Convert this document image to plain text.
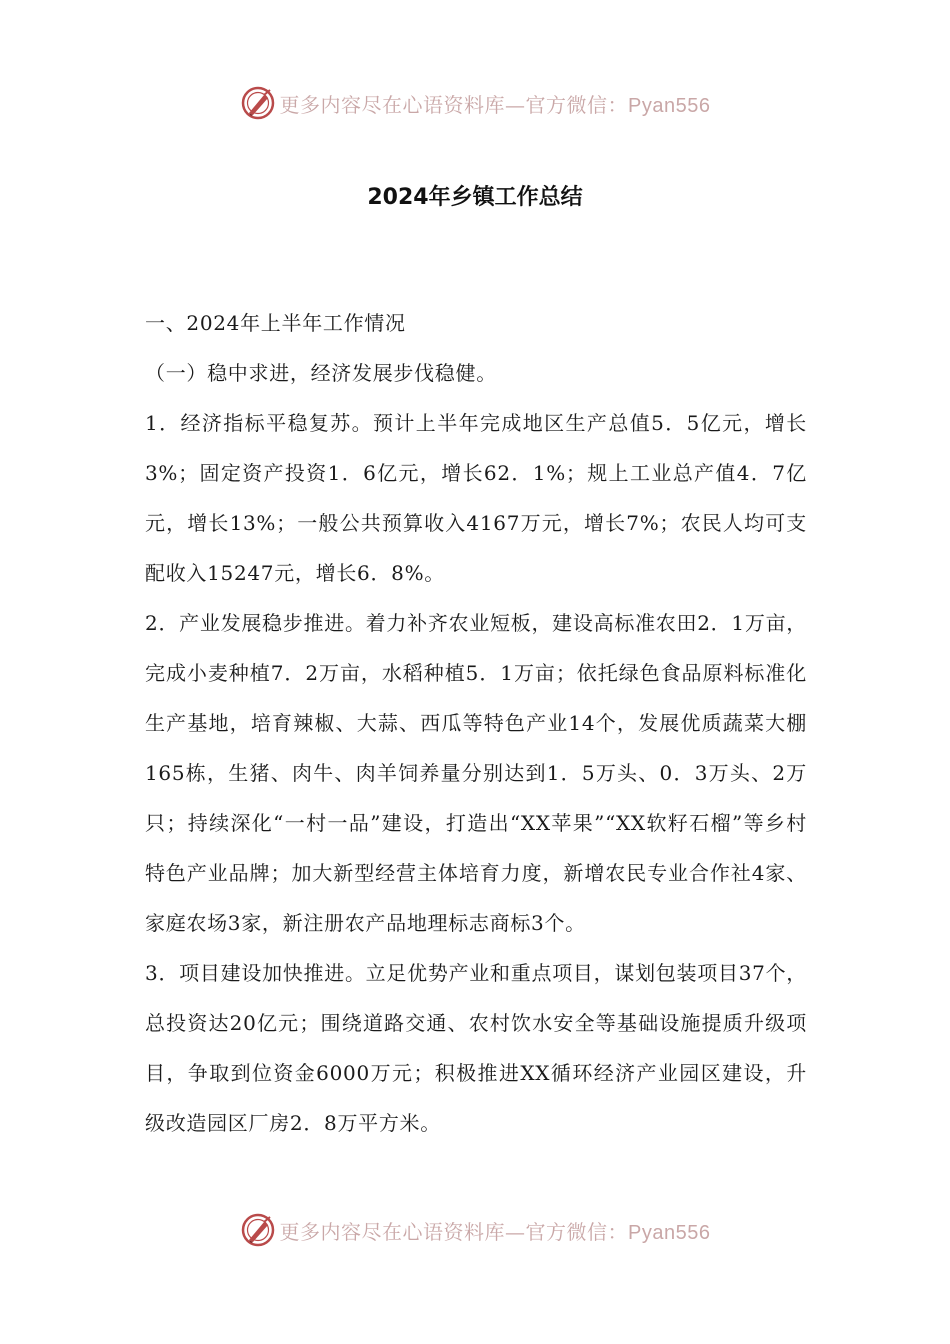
更多内容尽在心语资料库—官方微信：Pyan556
2024年乡镇工作总结

一、2024年上半年工作情况

（一）稳中求进，经济发展步伐稳健。

1．经济指标平稳复苏。预计上半年完成地区生产总值5．5亿元，增长3%；固定资产投资1．6亿元，增长62．1%；规上工业总产值4．7亿元，增长13%；一般公共预算收入4167万元，增长7%；农民人均可支配收入15247元，增长6．8%。

2．产业发展稳步推进。着力补齐农业短板，建设高标准农田2．1万亩，完成小麦种植7．2万亩，水稻种植5．1万亩；依托绿色食品原料标准化生产基地，培育辣椒、大蒜、西瓜等特色产业14个，发展优质蔬菜大棚165栋，生猪、肉牛、肉羊饲养量分别达到1．5万头、0．3万头、2万只；持续深化“一村一品”建设，打造出“XX苹果”“XX软籽石榴”等乡村特色产业品牌；加大新型经营主体培育力度，新增农民专业合作社4家、家庭农场3家，新注册农产品地理标志商标3个。

3．项目建设加快推进。立足优势产业和重点项目，谋划包装项目37个，总投资达20亿元；围绕道路交通、农村饮水安全等基础设施提质升级项目，争取到位资金6000万元；积极推进XX循环经济产业园区建设，升级改造园区厂房2．8万平方米。

更多内容尽在心语资料库—官方微信：Pyan556
